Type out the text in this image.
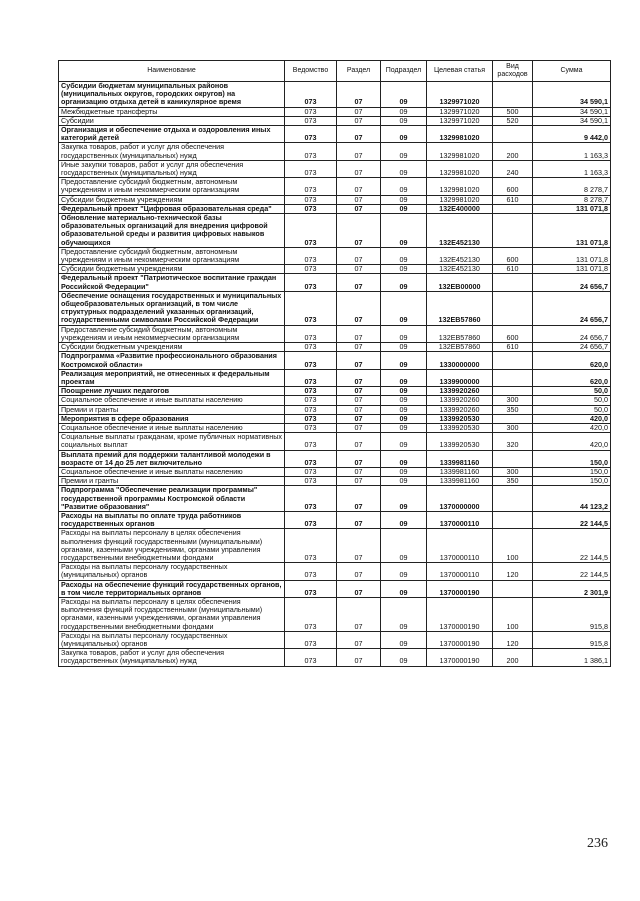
Наименование	Ведомство	Раздел	Подраздел	Целевая статья	Вид расходов	Сумма
Субсидии бюджетам муниципальных районов (муниципальных округов, городских округов) на организацию отдыха детей в каникулярное время	073	07	09	1329971020		34 590,1
Межбюджетные трансферты	073	07	09	1329971020	500	34 590,1
Субсидии	073	07	09	1329971020	520	34 590,1
Организация и обеспечение отдыха и оздоровления иных категорий детей	073	07	09	1329981020		9 442,0
Закупка товаров, работ и услуг для обеспечения государственных (муниципальных) нужд	073	07	09	1329981020	200	1 163,3
Иные закупки товаров, работ и услуг для обеспечения государственных (муниципальных) нужд	073	07	09	1329981020	240	1 163,3
Предоставление субсидий бюджетным, автономным учреждениям и иным некоммерческим организациям	073	07	09	1329981020	600	8 278,7
Субсидии бюджетным учреждениям	073	07	09	1329981020	610	8 278,7
Федеральный проект "Цифровая образовательная среда"	073	07	09	132E400000		131 071,8
Обновление материально-технической базы образовательных организаций для внедрения цифровой образовательной среды и развития цифровых навыков обучающихся	073	07	09	132E452130		131 071,8
Предоставление субсидий бюджетным, автономным учреждениям и иным некоммерческим организациям	073	07	09	132E452130	600	131 071,8
Субсидии бюджетным учреждениям	073	07	09	132E452130	610	131 071,8
Федеральный проект "Патриотическое воспитание граждан Российской Федерации"	073	07	09	132EB00000		24 656,7
Обеспечение оснащения государственных и муниципальных общеобразовательных организаций, в том числе структурных подразделений указанных организаций, государственными символами Российской Федерации	073	07	09	132EB57860		24 656,7
Предоставление субсидий бюджетным, автономным учреждениям и иным некоммерческим организациям	073	07	09	132EB57860	600	24 656,7
Субсидии бюджетным учреждениям	073	07	09	132EB57860	610	24 656,7
Подпрограмма «Развитие профессионального образования Костромской области»	073	07	09	1330000000		620,0
Реализация мероприятий, не отнесенных к федеральным проектам	073	07	09	1339900000		620,0
Поощрение лучших педагогов	073	07	09	1339920260		50,0
Социальное обеспечение и иные выплаты населению	073	07	09	1339920260	300	50,0
Премии и гранты	073	07	09	1339920260	350	50,0
Мероприятия в сфере образования	073	07	09	1339920530		420,0
Социальное обеспечение и иные выплаты населению	073	07	09	1339920530	300	420,0
Социальные выплаты гражданам, кроме публичных нормативных социальных выплат	073	07	09	1339920530	320	420,0
Выплата премий для поддержки талантливой молодежи в возрасте от 14 до 25 лет включительно	073	07	09	1339981160		150,0
Социальное обеспечение и иные выплаты населению	073	07	09	1339981160	300	150,0
Премии и гранты	073	07	09	1339981160	350	150,0
Подпрограмма "Обеспечение реализации программы" государственной программы Костромской области "Развитие образования"	073	07	09	1370000000		44 123,2
Расходы на выплаты по оплате труда работников государственных органов	073	07	09	1370000110		22 144,5
Расходы на выплаты персоналу в целях обеспечения выполнения функций государственными (муниципальными) органами, казенными учреждениями, органами управления государственными внебюджетными фондами	073	07	09	1370000110	100	22 144,5
Расходы на выплаты персоналу государственных (муниципальных) органов	073	07	09	1370000110	120	22 144,5
Расходы на обеспечение функций государственных органов, в том числе территориальных органов	073	07	09	1370000190		2 301,9
Расходы на выплаты персоналу в целях обеспечения выполнения функций государственными (муниципальными) органами, казенными учреждениями, органами управления государственными внебюджетными фондами	073	07	09	1370000190	100	915,8
Расходы на выплаты персоналу государственных (муниципальных) органов	073	07	09	1370000190	120	915,8
Закупка товаров, работ и услуг для обеспечения государственных (муниципальных) нужд	073	07	09	1370000190	200	1 386,1
236
